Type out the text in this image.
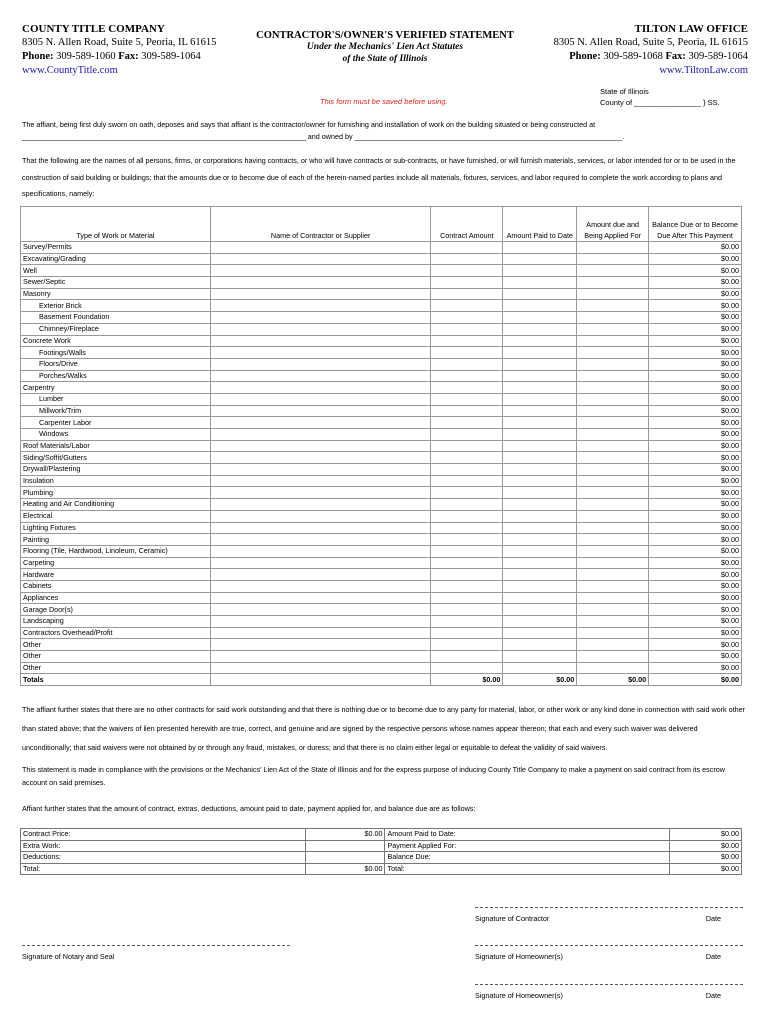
COUNTY TITLE COMPANY
8305 N. Allen Road, Suite 5, Peoria, IL 61615
Phone: 309-589-1060 Fax: 309-589-1064
www.CountyTitle.com
CONTRACTOR'S/OWNER'S VERIFIED STATEMENT
Under the Mechanics' Lien Act Statutes
of the State of Illinois
TILTON LAW OFFICE
8305 N. Allen Road, Suite 5, Peoria, IL 61615
Phone: 309-589-1068 Fax: 309-589-1064
www.TiltonLaw.com
State of Illinois
County of ________________ } SS.
This form must be saved before using.
The affiant, being first duly sworn on oath, deposes and says that affiant is the contractor/owner for furnishing and installation of work on the building situated or being constructed at
_______________________________________________________________________ and owned by ___________________________________________________________________.
That the following are the names of all persons, firms, or corporations having contracts, or who will have contracts or sub-contracts, or have furnished, or will furnish materials, services, or labor intended for or to be used in the construction of said building or buildings; that the amounts due or to become due of each of the herein-named parties include all materials, fixtures, services, and labor required to complete the work according to plans and specifications, namely:
Type of Work or Material	Name of Contractor or Supplier	Contract Amount	Amount Paid to Date	Amount due and Being Applied For	Balance Due or to Become Due After This Payment
Survey/Permits					$0.00
Excavating/Grading					$0.00
Well					$0.00
Sewer/Septic					$0.00
Masonry					$0.00
Exterior Brick					$0.00
Basement Foundation					$0.00
Chimney/Fireplace					$0.00
Concrete Work					$0.00
Footings/Walls					$0.00
Floors/Drive					$0.00
Porches/Walks					$0.00
Carpentry					$0.00
Lumber					$0.00
Millwork/Trim					$0.00
Carpenter Labor					$0.00
Windows					$0.00
Roof Materials/Labor					$0.00
Siding/Soffit/Gutters					$0.00
Drywall/Plastering					$0.00
Insulation					$0.00
Plumbing					$0.00
Heating and Air Conditioning					$0.00
Electrical					$0.00
Lighting Fixtures					$0.00
Painting					$0.00
Flooring (Tile, Hardwood, Linoleum, Ceramic)					$0.00
Carpeting					$0.00
Hardware					$0.00
Cabinets					$0.00
Appliances					$0.00
Garage Door(s)					$0.00
Landscaping					$0.00
Contractors Overhead/Profit					$0.00
Other					$0.00
Other					$0.00
Other					$0.00
Totals		$0.00	$0.00	$0.00	$0.00
The affiant further states that there are no other contracts for said work outstanding and that there is nothing due or to become due to any party for material, labor, or other work or any kind done in connection with said work other than stated above; that the waivers of lien presented herewith are true, correct, and genuine and are signed by the respective persons whose names appear thereon; that each and every such waiver was delivered unconditionally; that said waivers were not obtained by or through any fraud, mistakes, or duress; and that there is no claim either legal or equitable to defeat the validity of said waivers.
This statement is made in compliance with the provisions or the Mechanics' Lien Act of the State of Illinois and for the express purpose of inducing County Title Company to make a payment on said contract from its escrow account on said premises.
Affiant further states that the amount of contract, extras, deductions, amount paid to date, payment applied for, and balance due are as follows:
Contract Price:	$0.00	Amount Paid to Date:	$0.00
Extra Work:		Payment Applied For:	$0.00
Deductions:		Balance Due:	$0.00
Total:	$0.00	Total:	$0.00
Signature of Contractor	Date
Signature of Notary and Seal	Signature of Homeowner(s)	Date
Signature of Homeowner(s)	Date
